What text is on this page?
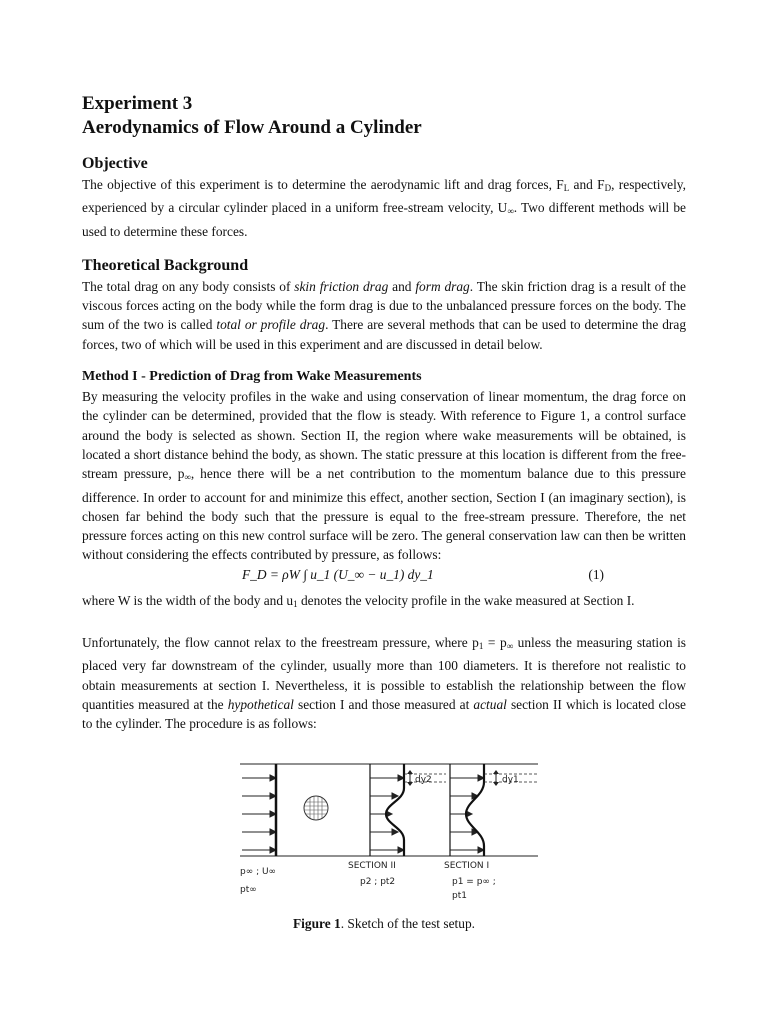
Experiment 3
Aerodynamics of Flow Around a Cylinder
Objective

The objective of this experiment is to determine the aerodynamic lift and drag forces, $F_L$ and $F_D$, respectively, experienced by a circular cylinder placed in a uniform free-stream velocity, $U_\infty$. Two different methods will be used to determine these forces.

Theoretical Background

The total drag on any body consists of skin friction drag and form drag. The skin friction drag is a result of the viscous forces acting on the body while the form drag is due to the unbalanced pressure forces on the body. The sum of the two is called total or profile drag. There are several methods that can be used to determine the drag forces, two of which will be used in this experiment and are discussed in detail below.

Method I - Prediction of Drag from Wake Measurements

By measuring the velocity profiles in the wake and using conservation of linear momentum, the drag force on the cylinder can be determined, provided that the flow is steady. With reference to Figure 1, a control surface around the body is selected as shown. Section II, the region where wake measurements will be obtained, is located a short distance behind the body, as shown. The static pressure at this location is different from the free-stream pressure, $p_\infty$, hence there will be a net contribution to the momentum balance due to this pressure difference. In order to account for and minimize this effect, another section, Section I (an imaginary section), is chosen far behind the body such that the pressure is equal to the free-stream pressure. Therefore, the net pressure forces acting on this new control surface will be zero. The general conservation law can then be written without considering the effects contributed by pressure, as follows:

F_D = ρW ∫ u_1 (U_∞ − u_1) dy_1	(1)

where W is the width of the body and $u_1$ denotes the velocity profile in the wake measured at Section I.

Unfortunately, the flow cannot relax to the freestream pressure, where $p_1 = p_\infty$ unless the measuring station is placed very far downstream of the cylinder, usually more than 100 diameters. It is therefore not realistic to obtain measurements at section I. Nevertheless, it is possible to establish the relationship between the flow quantities measured at the hypothetical section I and those measured at actual section II which is located close to the cylinder. The procedure is as follows:

dy2	dy1
p∞ ; U∞
pt∞
SECTION II
p2 ; pt2
SECTION I
p1 = p∞ ;
pt1
Figure 1. Sketch of the test setup.
